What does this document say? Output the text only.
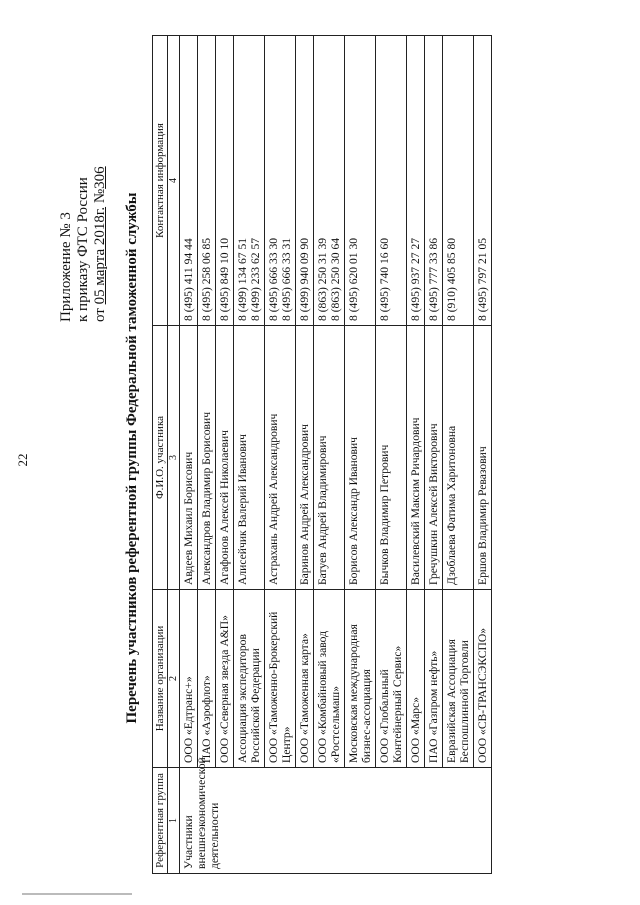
22
Приложение № 3 к приказу ФТС России от 05 марта 2018г. №306
Перечень участников референтной группы Федеральной таможенной службы
Референтная группа	Название организации	Ф.И.О. участника	Контактная информация
1	2	3	4
Участники внешнеэкономической деятельности	ООО «Едтранс+»	Авдеев Михаил Борисович	8 (495) 411 94 44

	ПАО «Аэрофлот»	Александров Владимир Борисович	8 (495) 258 06 85

	ООО «Северная звезда А&П»	Агафонов Алексей Николаевич	8 (495) 849 10 10

	Ассоциация экспедиторов Российской Федерации	Алисейчик Валерий Иванович	8 (499) 134 67 51 8 (499) 233 62 57

	ООО «Таможенно-Брокерский Центр»	Астрахань Андрей Александрович	8 (495) 666 33 30 8 (495) 666 33 31

	ООО «Таможенная карта»	Баринов Андрей Александрович	8 (499) 940 09 90

	ООО «Комбайновый завод «Ростсельмаш»	Батуев Андрей Владимирович	8 (863) 250 31 39 8 (863) 250 30 64

	Московская международная бизнес-ассоциация	Борисов Александр Иванович	8 (495) 620 01 30

	ООО «Глобальный Контейнерный Сервис»	Бычков Владимир Петрович	8 (495) 740 16 60

	ООО «Марс»	Василевский Максим Ричардович	8 (495) 937 27 27

	ПАО «Газпром нефть»	Гречушкин Алексей Викторович	8 (495) 777 33 86

	Евразийская Ассоциация Беспошлинной Торговли	Дзоблаева Фатима Харитоновна	8 (910) 405 85 80

	ООО «СВ-ТРАНСЭКСПО»	Ершов Владимир Ревазович	8 (495) 797 21 05
